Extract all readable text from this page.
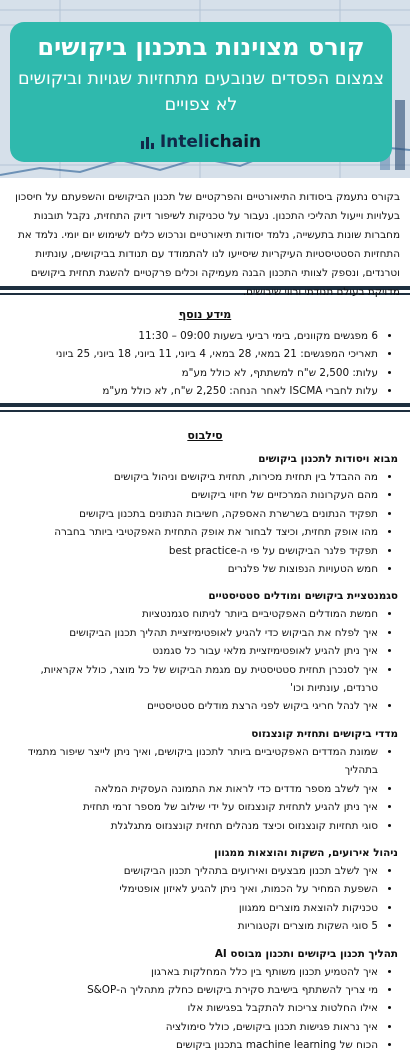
קורס מצוינות בתכנון ביקושים
צמצום הפסדים שנובעים מתחזיות שגויות וביקושים לא צפויים
Intelichain
בקורס נתעמק ביסודות התיאורטיים והפרקטיים של תכנון הביקושים והשפעתם על חיסכון בעלויות וייעול תהליכי התכנון. נעבור על טכניקות לשיפור דיוק התחזית, נקבל תובנות מחברות שונות בתעשייה, נלמד יסודות תיאורטיים ונרכוש כלים לשימוש יום יומי. נלמד את התחזיות הסטטיסטיות העיקריות שיסייעו לנו להתמודד עם תנודות בביקושים, עונתיות וטרנדים, ונספק לצוותי התכנון הבנה מעמיקה וכלים פרקטיים להשגת תחזית ביקושים מדויקת בעולם תנודתי ורווי שיבושים.
מידע נוסף
• 6 מפגשים מקוונים, בימי רביעי בשעות 09:00 – 11:30
• תאריכי המפגשים: 21 במאי, 28 במאי, 4 ביוני, 11 ביוני, 18 ביוני, 25 ביוני
• עלות: 2,500 ש"ח למשתתף, לא כולל מע"מ
• עלות לחברי ISCMA לאחר הנחה: 2,250 ש"ח, לא כולל מע"מ
סילבוס
מבוא ויסודות לתכנון ביקושים
• מה ההבדל בין תחזית מכירות, תחזית ביקושים וניהול ביקושים
• מהם העקרונות המרכזיים של חיזוי ביקושים
• תפקיד הנתונים בשרשרת האספקה, חשיבות הנתונים בתכנון ביקושים
• מהו אופק תחזית, וכיצד לבחור את אופק התחזית האפקטיבי ביותר בחברה
• תפקיד פלנר הביקושים על פי ה-best practice
• חמש הטעויות הנפוצות של פלנרים
סגמנטציית ביקושים ומודלים סטטיסטיים
• חמשת המודלים האפקטיביים ביותר לניתוח סגמנטציות
• איך לפלח את הביקוש כדי להגיע לאופטימיזציית תהליך תכנון הביקושים
• איך ניתן להגיע לאופטימיזציית מלאי עבור כל סגמנט
• איך לסנכרן תחזית סטטיסטית עם מגמת הביקוש של כל מוצר, כולל אקראיות, טרנדים, עונתיות וכו'
• איך לנהל חריגי ביקוש לפני הרצת מודלים סטטיסטיים
מדדי ביקושים ותחזית קונצנזוס
• שמונת המדדים האפקטיביים ביותר לתכנון ביקושים, ואיך ניתן לייצר שיפור מתמיד בתהליך
• איך לשלב מספר מדדים כדי לראות את התמונה העסקית המלאה
• איך ניתן להגיע לתחזית קונצנזוס על ידי שילוב של מספר זרמי תחזית
• סוגי תחזיות קונצנזוס וכיצד מנהלים תחזית קונצנזוס מתגלגלת
ניהול אירועים, השקות והוצאות ממגוון
• איך לשלב תכנון מבצעים ואירועים בתהליך תכנון הביקושים
• השפעת המחיר על הכמות, ואיך ניתן להגיע לאיזון אופטימלי
• טכניקות להוצאת מוצרים ממגוון
• 5 סוגי השקות מוצרים וקטגוריות
תהליך תכנון ביקושים ותכנון מבוסס AI
• איך להטמיע תכנון משותף בין כלל המחלקות בארגון
• מי צריך להשתתף בישיבת סקירת ביקושים כחלק מתהליך ה-S&OP
• אילו החלטות צריכות להתקבל בפגישות אלו
• איך נראות פגישות תכנון ביקושים, כולל סימולציה
• הכוח של machine learning בתכנון ביקושים
